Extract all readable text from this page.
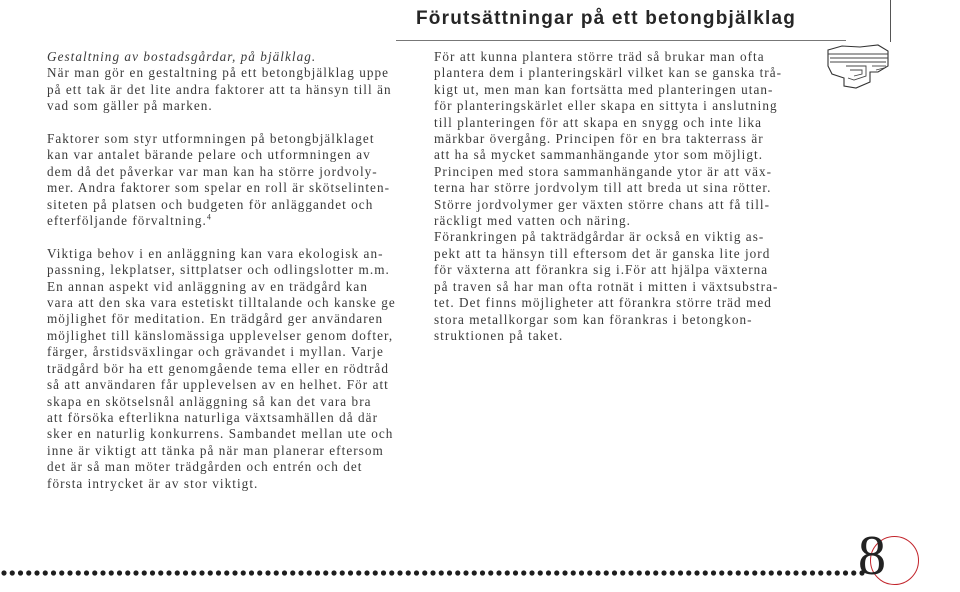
Förutsättningar på ett betongbjälklag

Gestaltning av bostadsgårdar, på bjälklag.

När man gör en gestaltning på ett betongbjälklag uppe

på ett tak är det lite andra faktorer att ta hänsyn till än

vad som gäller på marken.

Faktorer som styr utformningen på betongbjälklaget

kan var antalet bärande pelare och utformningen av

dem då det påverkar var man kan ha större jordvoly-

mer. Andra faktorer som spelar en roll är skötselinten-

siteten på platsen och budgeten för anläggandet och

efterföljande förvaltning.$^4$

Viktiga behov i en anläggning kan vara ekologisk an-

passning, lekplatser, sittplatser och odlingslotter m.m.

En annan aspekt vid anläggning av en trädgård kan

vara att den ska vara estetiskt tilltalande och kanske ge

möjlighet för meditation. En trädgård ger användaren

möjlighet till känslomässiga upplevelser genom dofter,

färger, årstidsväxlingar och grävandet i myllan. Varje

trädgård bör ha ett genomgående tema eller en rödtråd

så att användaren får upplevelsen av en helhet. För att

skapa en skötselsnål anläggning så kan det vara bra

att försöka efterlikna naturliga växtsamhällen då där

sker en naturlig konkurrens. Sambandet mellan ute och

inne är viktigt att tänka på när man planerar eftersom

det är så man möter trädgården och entrén och det

första intrycket är av stor viktigt.

För att kunna plantera större träd så brukar man ofta

plantera dem i planteringskärl vilket kan se ganska trå-

kigt ut, men man kan fortsätta med planteringen utan-

för planteringskärlet eller skapa en sittyta i anslutning

till planteringen för att skapa en snygg och inte lika

märkbar övergång. Principen för en bra takterrass är

att ha så mycket sammanhängande ytor som möjligt.

Principen med stora sammanhängande ytor är att väx-

terna har större jordvolym till att breda ut sina rötter.

Större jordvolymer ger växten större chans att få till-

räckligt med vatten och näring.

Förankringen på takträdgårdar är också en viktig as-

pekt att ta hänsyn till eftersom det är ganska lite jord

för växterna att förankra sig i.För att hjälpa växterna

på traven så har man ofta rotnät i mitten i växtsubstra-

tet. Det finns möjligheter att förankra större träd med

stora metallkorgar som kan förankras i betongkon-

struktionen på taket.

8
